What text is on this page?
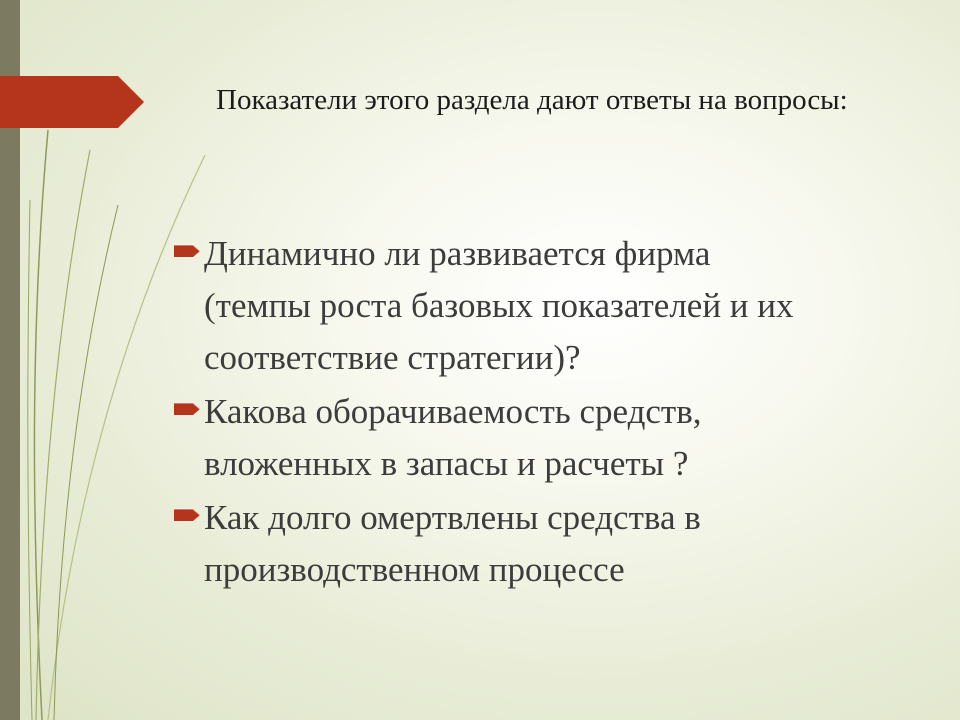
Показатели этого раздела дают ответы на вопросы:
Динамично ли развивается фирма (темпы роста базовых показателей и их соответствие стратегии)?
Какова оборачиваемость средств, вложенных в запасы и расчеты ?
Как долго омертвлены средства в производственном процессе
